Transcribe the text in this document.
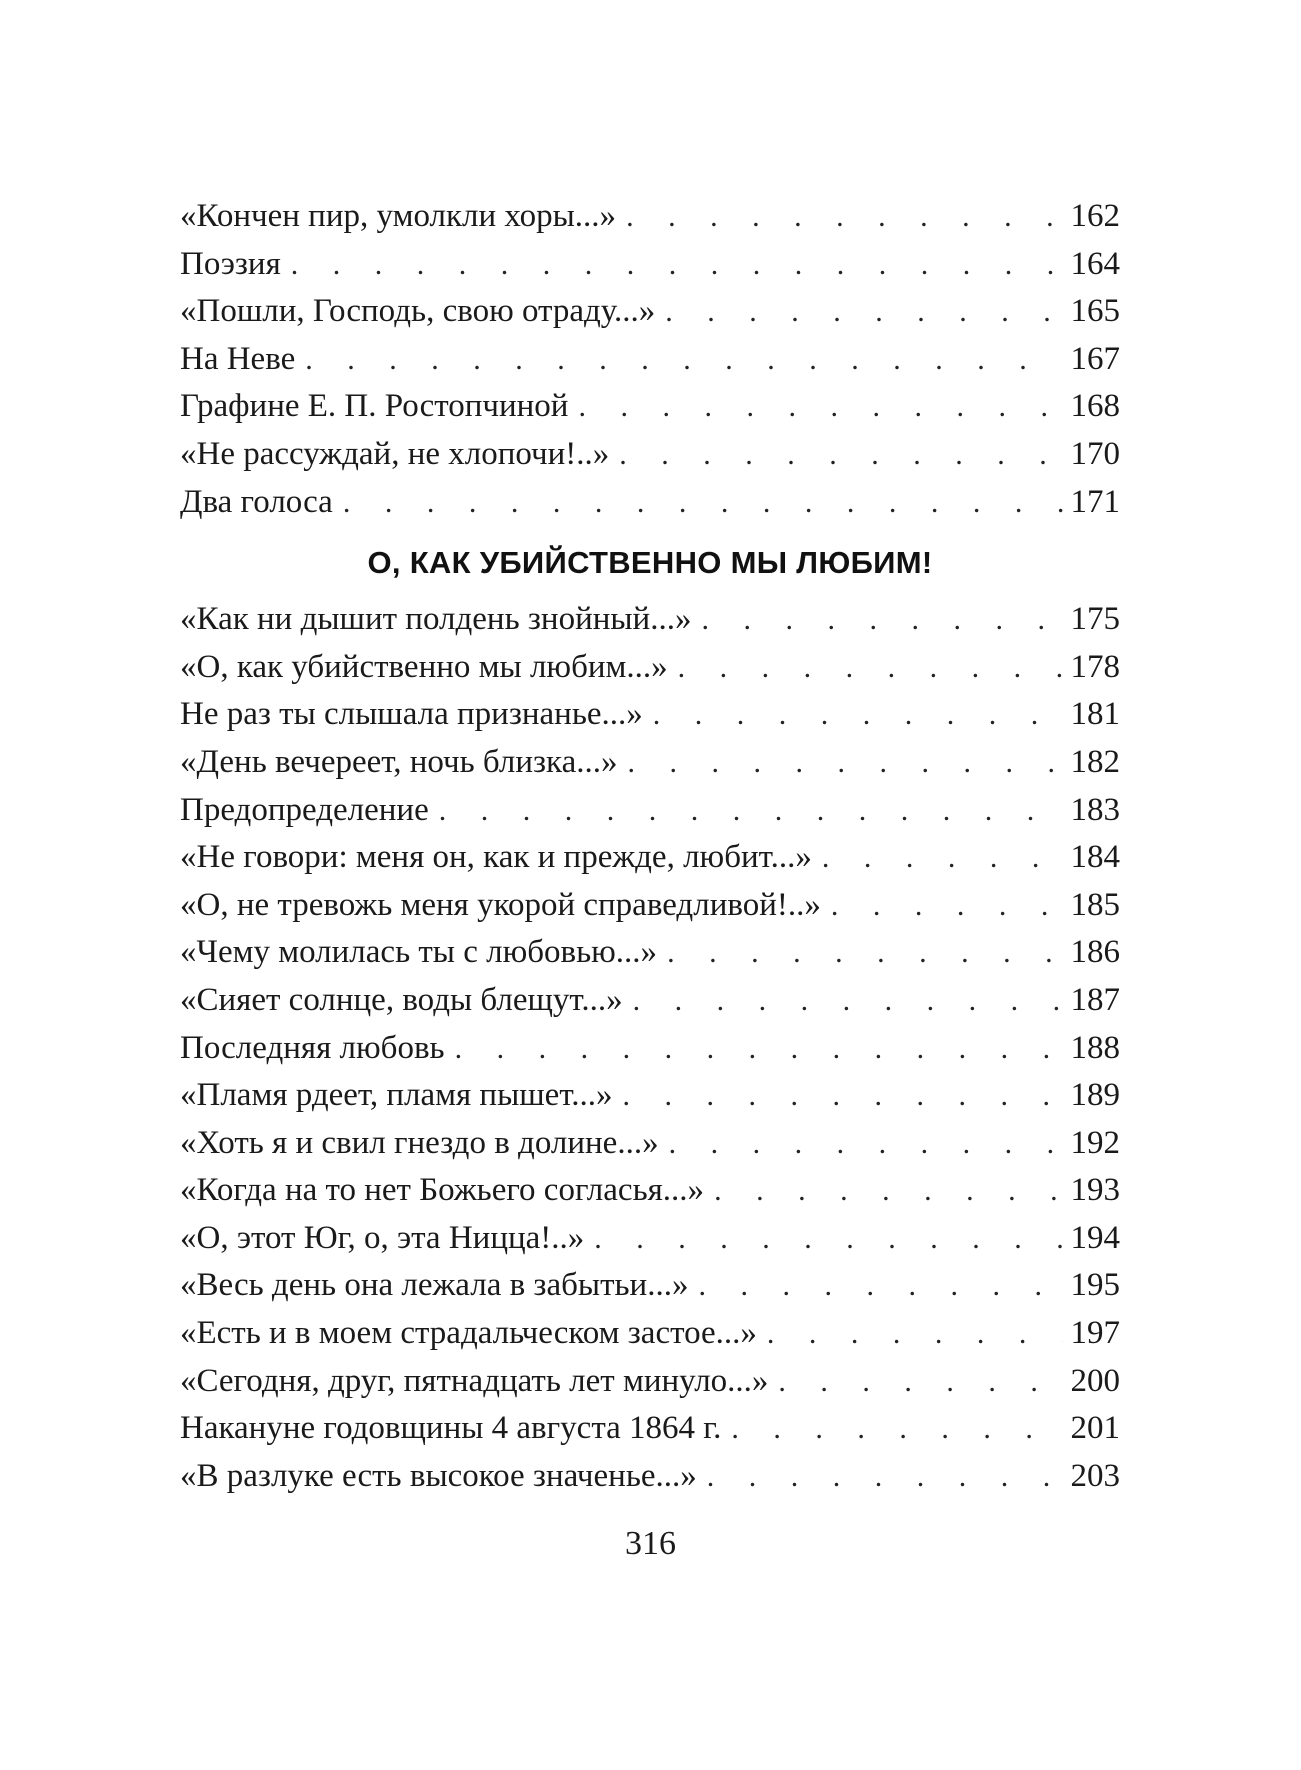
«Кончен пир, умолкли хоры...» . . .	162
Поэзия . . .	164
«Пошли, Господь, свою отраду...» . . .	165
На Неве . . .	167
Графине Е. П. Ростопчиной . . .	168
«Не рассуждай, не хлопочи!..» . . .	170
Два голоса . . .	171
О, КАК УБИЙСТВЕННО МЫ ЛЮБИМ!
«Как ни дышит полдень знойный...» . . .	175
«О, как убийственно мы любим...» . . .	178
Не раз ты слышала признанье...» . . .	181
«День вечереет, ночь близка...» . . .	182
Предопределение . . .	183
«Не говори: меня он, как и прежде, любит...» . . .	184
«О, не тревожь меня укорой справедливой!..» . . .	185
«Чему молилась ты с любовью...» . . .	186
«Сияет солнце, воды блещут...» . . .	187
Последняя любовь . . .	188
«Пламя рдеет, пламя пышет...» . . .	189
«Хоть я и свил гнездо в долине...» . . .	192
«Когда на то нет Божьего согласья...» . . .	193
«О, этот Юг, о, эта Ницца!..» . . .	194
«Весь день она лежала в забытьи...» . . .	195
«Есть и в моем страдальческом застое...» . . .	197
«Сегодня, друг, пятнадцать лет минуло...» . . .	200
Накануне годовщины 4 августа 1864 г. . . .	201
«В разлуке есть высокое значенье...» . . .	203
316
